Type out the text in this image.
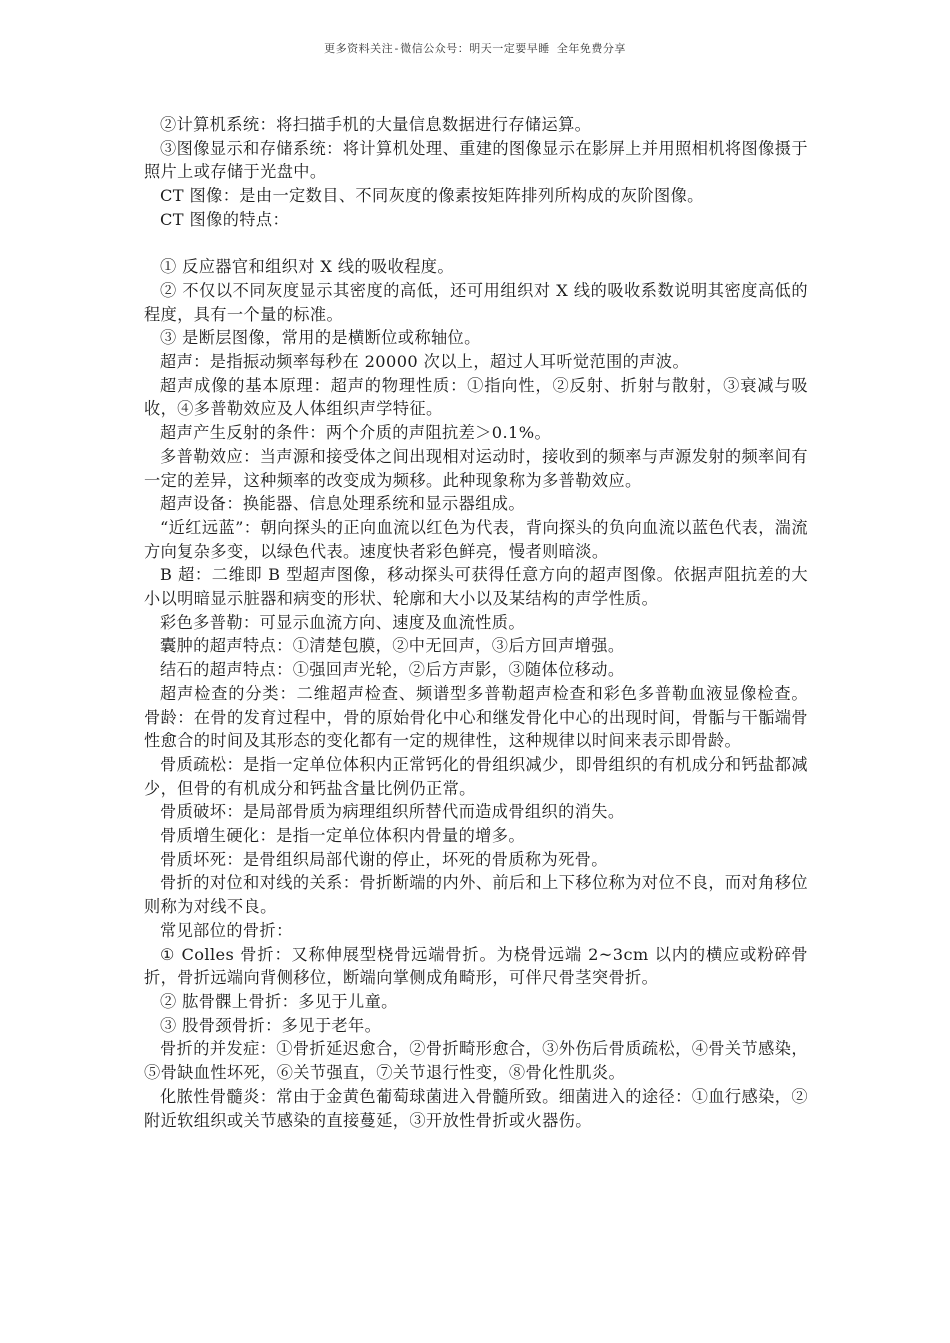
更多资料关注-微信公众号：明天一定要早睡 全年免费分享

②计算机系统：将扫描手机的大量信息数据进行存储运算。

③图像显示和存储系统：将计算机处理、重建的图像显示在影屏上并用照相机将图像摄于照片上或存储于光盘中。

CT 图像：是由一定数目、不同灰度的像素按矩阵排列所构成的灰阶图像。

CT 图像的特点：

① 反应器官和组织对 X 线的吸收程度。

② 不仅以不同灰度显示其密度的高低，还可用组织对 X 线的吸收系数说明其密度高低的程度，具有一个量的标准。

③ 是断层图像，常用的是横断位或称轴位。

超声：是指振动频率每秒在 20000 次以上，超过人耳听觉范围的声波。

超声成像的基本原理：超声的物理性质：①指向性，②反射、折射与散射，③衰减与吸收，④多普勒效应及人体组织声学特征。

超声产生反射的条件：两个介质的声阻抗差＞0.1%。

多普勒效应：当声源和接受体之间出现相对运动时，接收到的频率与声源发射的频率间有一定的差异，这种频率的改变成为频移。此种现象称为多普勒效应。

超声设备：换能器、信息处理系统和显示器组成。

“近红远蓝”：朝向探头的正向血流以红色为代表，背向探头的负向血流以蓝色代表，湍流方向复杂多变，以绿色代表。速度快者彩色鲜亮，慢者则暗淡。

B 超：二维即 B 型超声图像，移动探头可获得任意方向的超声图像。依据声阻抗差的大小以明暗显示脏器和病变的形状、轮廓和大小以及某结构的声学性质。

彩色多普勒：可显示血流方向、速度及血流性质。

囊肿的超声特点：①清楚包膜，②中无回声，③后方回声增强。

结石的超声特点：①强回声光轮，②后方声影，③随体位移动。

超声检查的分类：二维超声检查、频谱型多普勒超声检查和彩色多普勒血液显像检查。 骨龄：在骨的发育过程中，骨的原始骨化中心和继发骨化中心的出现时间，骨骺与干骺端骨性愈合的时间及其形态的变化都有一定的规律性，这种规律以时间来表示即骨龄。

骨质疏松：是指一定单位体积内正常钙化的骨组织减少，即骨组织的有机成分和钙盐都减少，但骨的有机成分和钙盐含量比例仍正常。

骨质破坏：是局部骨质为病理组织所替代而造成骨组织的消失。

骨质增生硬化：是指一定单位体积内骨量的增多。

骨质坏死：是骨组织局部代谢的停止，坏死的骨质称为死骨。

骨折的对位和对线的关系：骨折断端的内外、前后和上下移位称为对位不良，而对角移位则称为对线不良。

常见部位的骨折：

① Colles 骨折：又称伸展型桡骨远端骨折。为桡骨远端 2~3cm 以内的横应或粉碎骨折，骨折远端向背侧移位，断端向掌侧成角畸形，可伴尺骨茎突骨折。

② 肱骨髁上骨折：多见于儿童。

③ 股骨颈骨折：多见于老年。

骨折的并发症：①骨折延迟愈合，②骨折畸形愈合，③外伤后骨质疏松，④骨关节感染，⑤骨缺血性坏死，⑥关节强直，⑦关节退行性变，⑧骨化性肌炎。

化脓性骨髓炎：常由于金黄色葡萄球菌进入骨髓所致。细菌进入的途径：①血行感染，②附近软组织或关节感染的直接蔓延，③开放性骨折或火器伤。
